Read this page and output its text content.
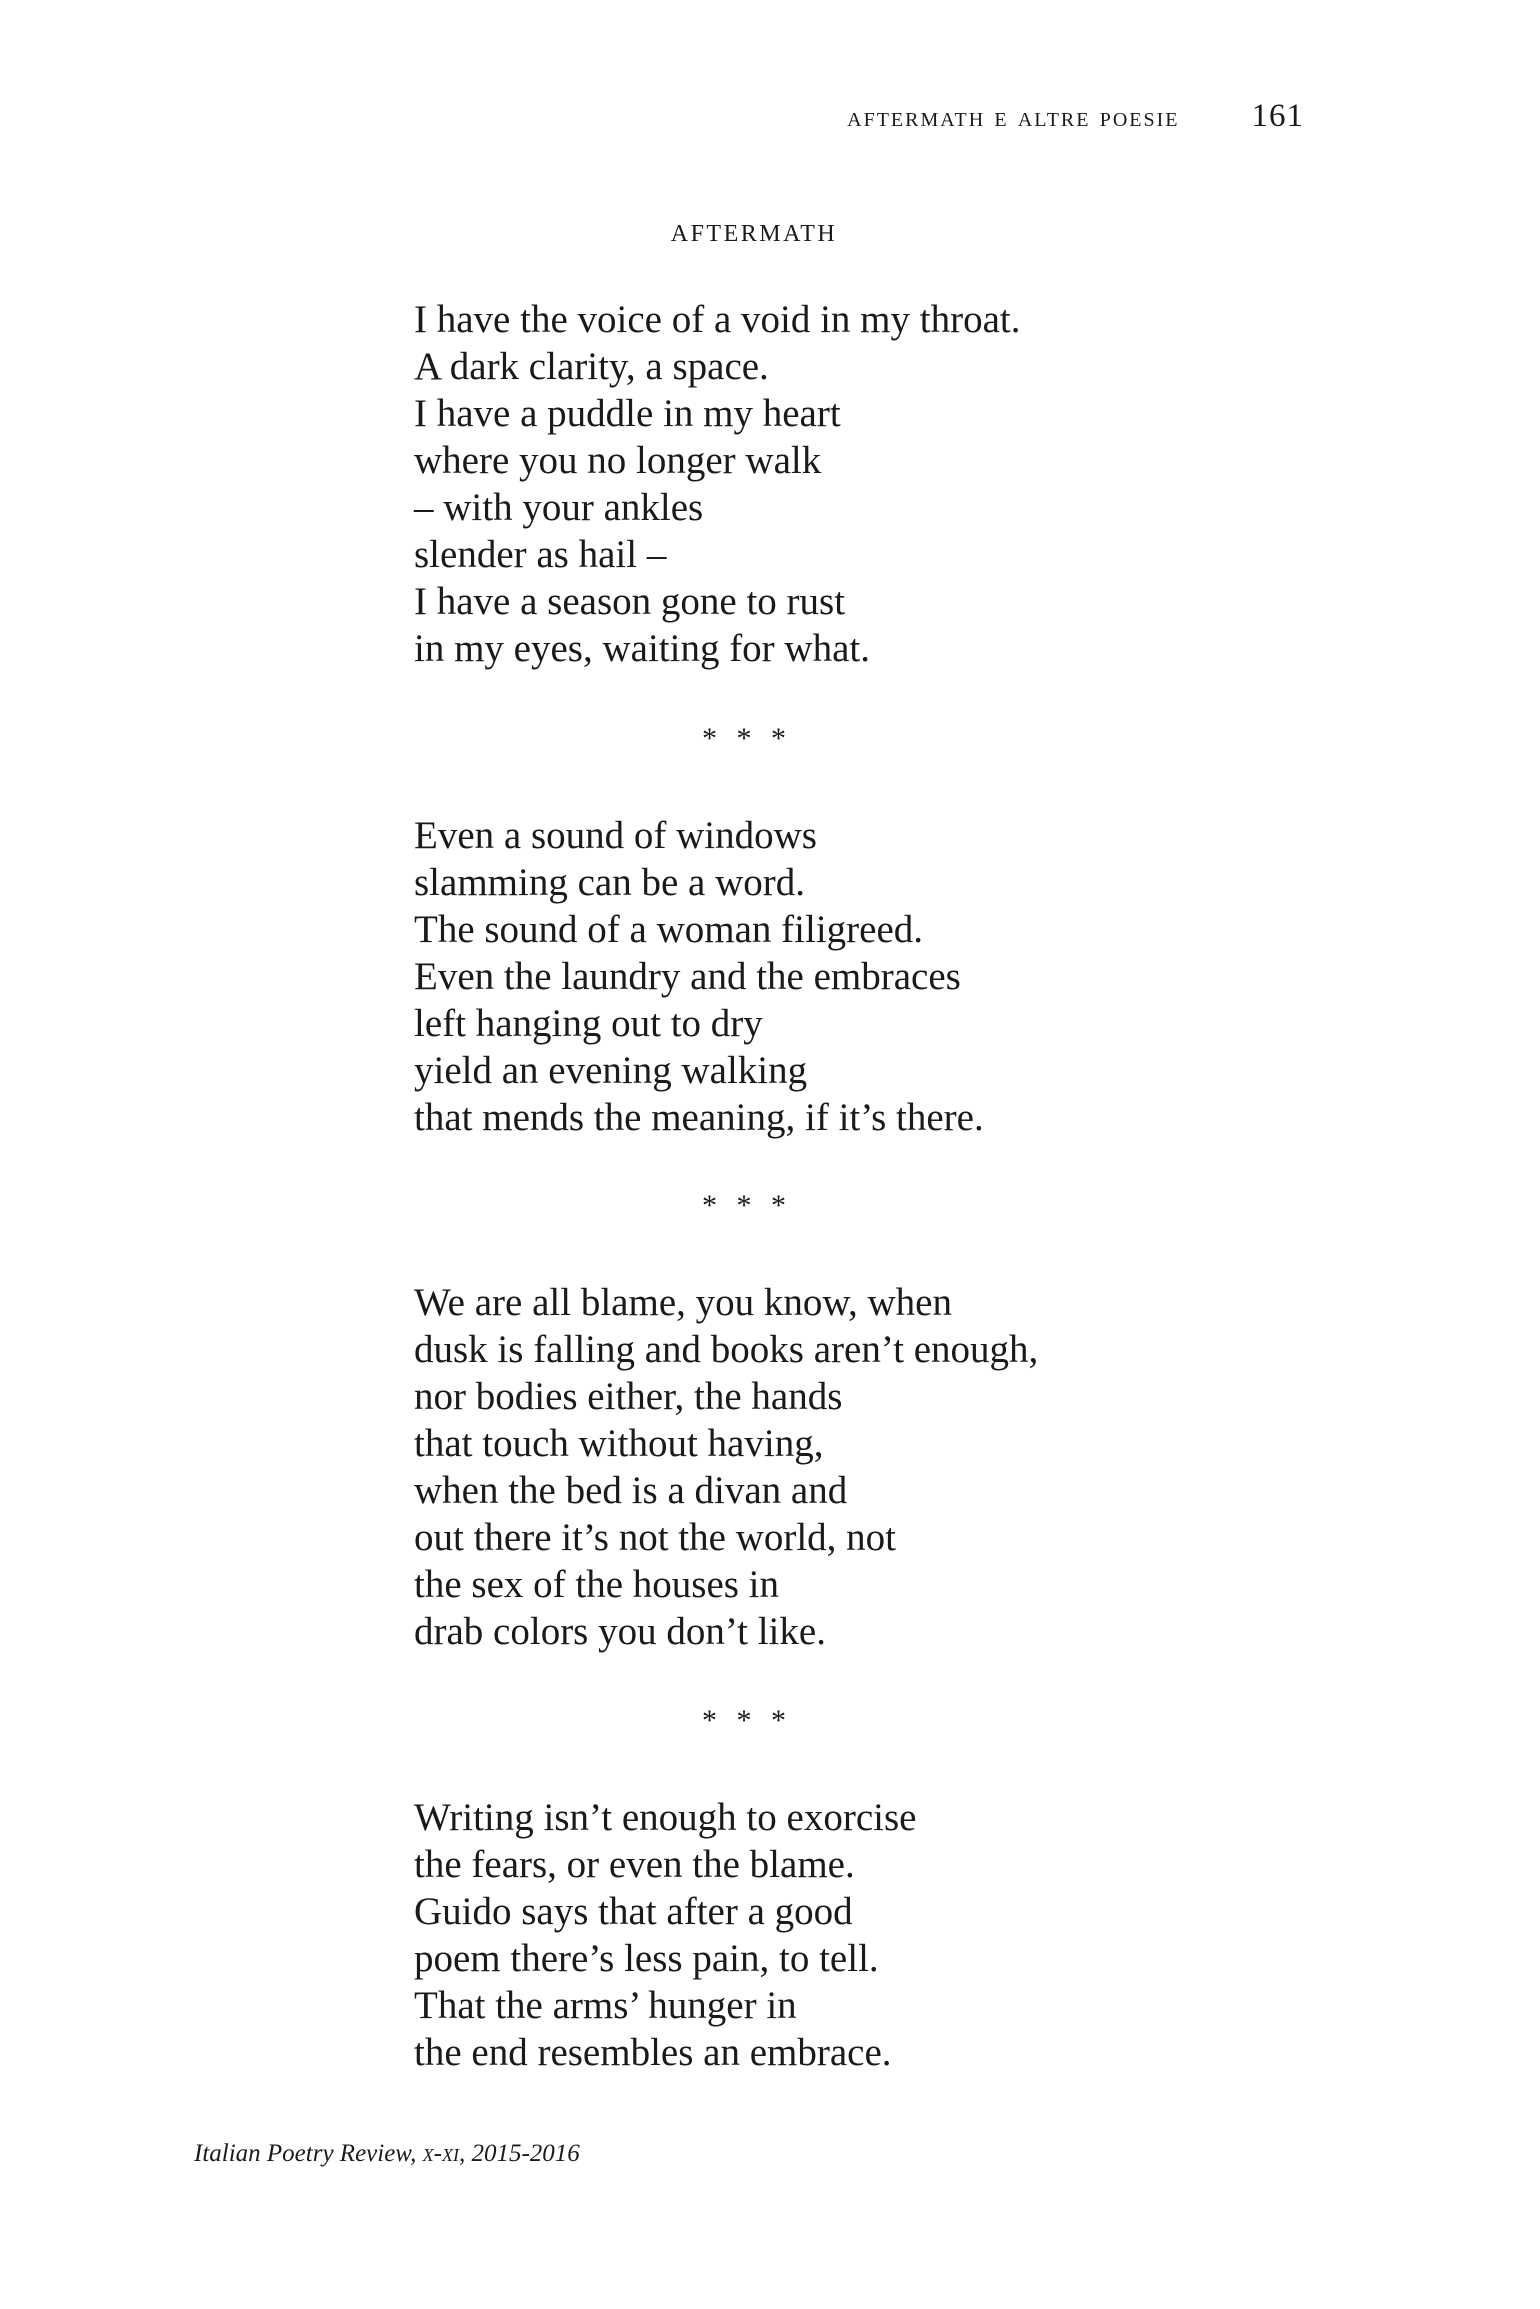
aftermath e altre poesie 161
aftermath
I have the voice of a void in my throat.
A dark clarity, a space.
I have a puddle in my heart
where you no longer walk
– with your ankles
slender as hail –
I have a season gone to rust
in my eyes, waiting for what.
* * *
Even a sound of windows
slamming can be a word.
The sound of a woman filigreed.
Even the laundry and the embraces
left hanging out to dry
yield an evening walking
that mends the meaning, if it’s there.
* * *
We are all blame, you know, when
dusk is falling and books aren’t enough,
nor bodies either, the hands
that touch without having,
when the bed is a divan and
out there it’s not the world, not
the sex of the houses in
drab colors you don’t like.
* * *
Writing isn’t enough to exorcise
the fears, or even the blame.
Guido says that after a good
poem there’s less pain, to tell.
That the arms’ hunger in
the end resembles an embrace.
Italian Poetry Review, x-xi, 2015-2016
